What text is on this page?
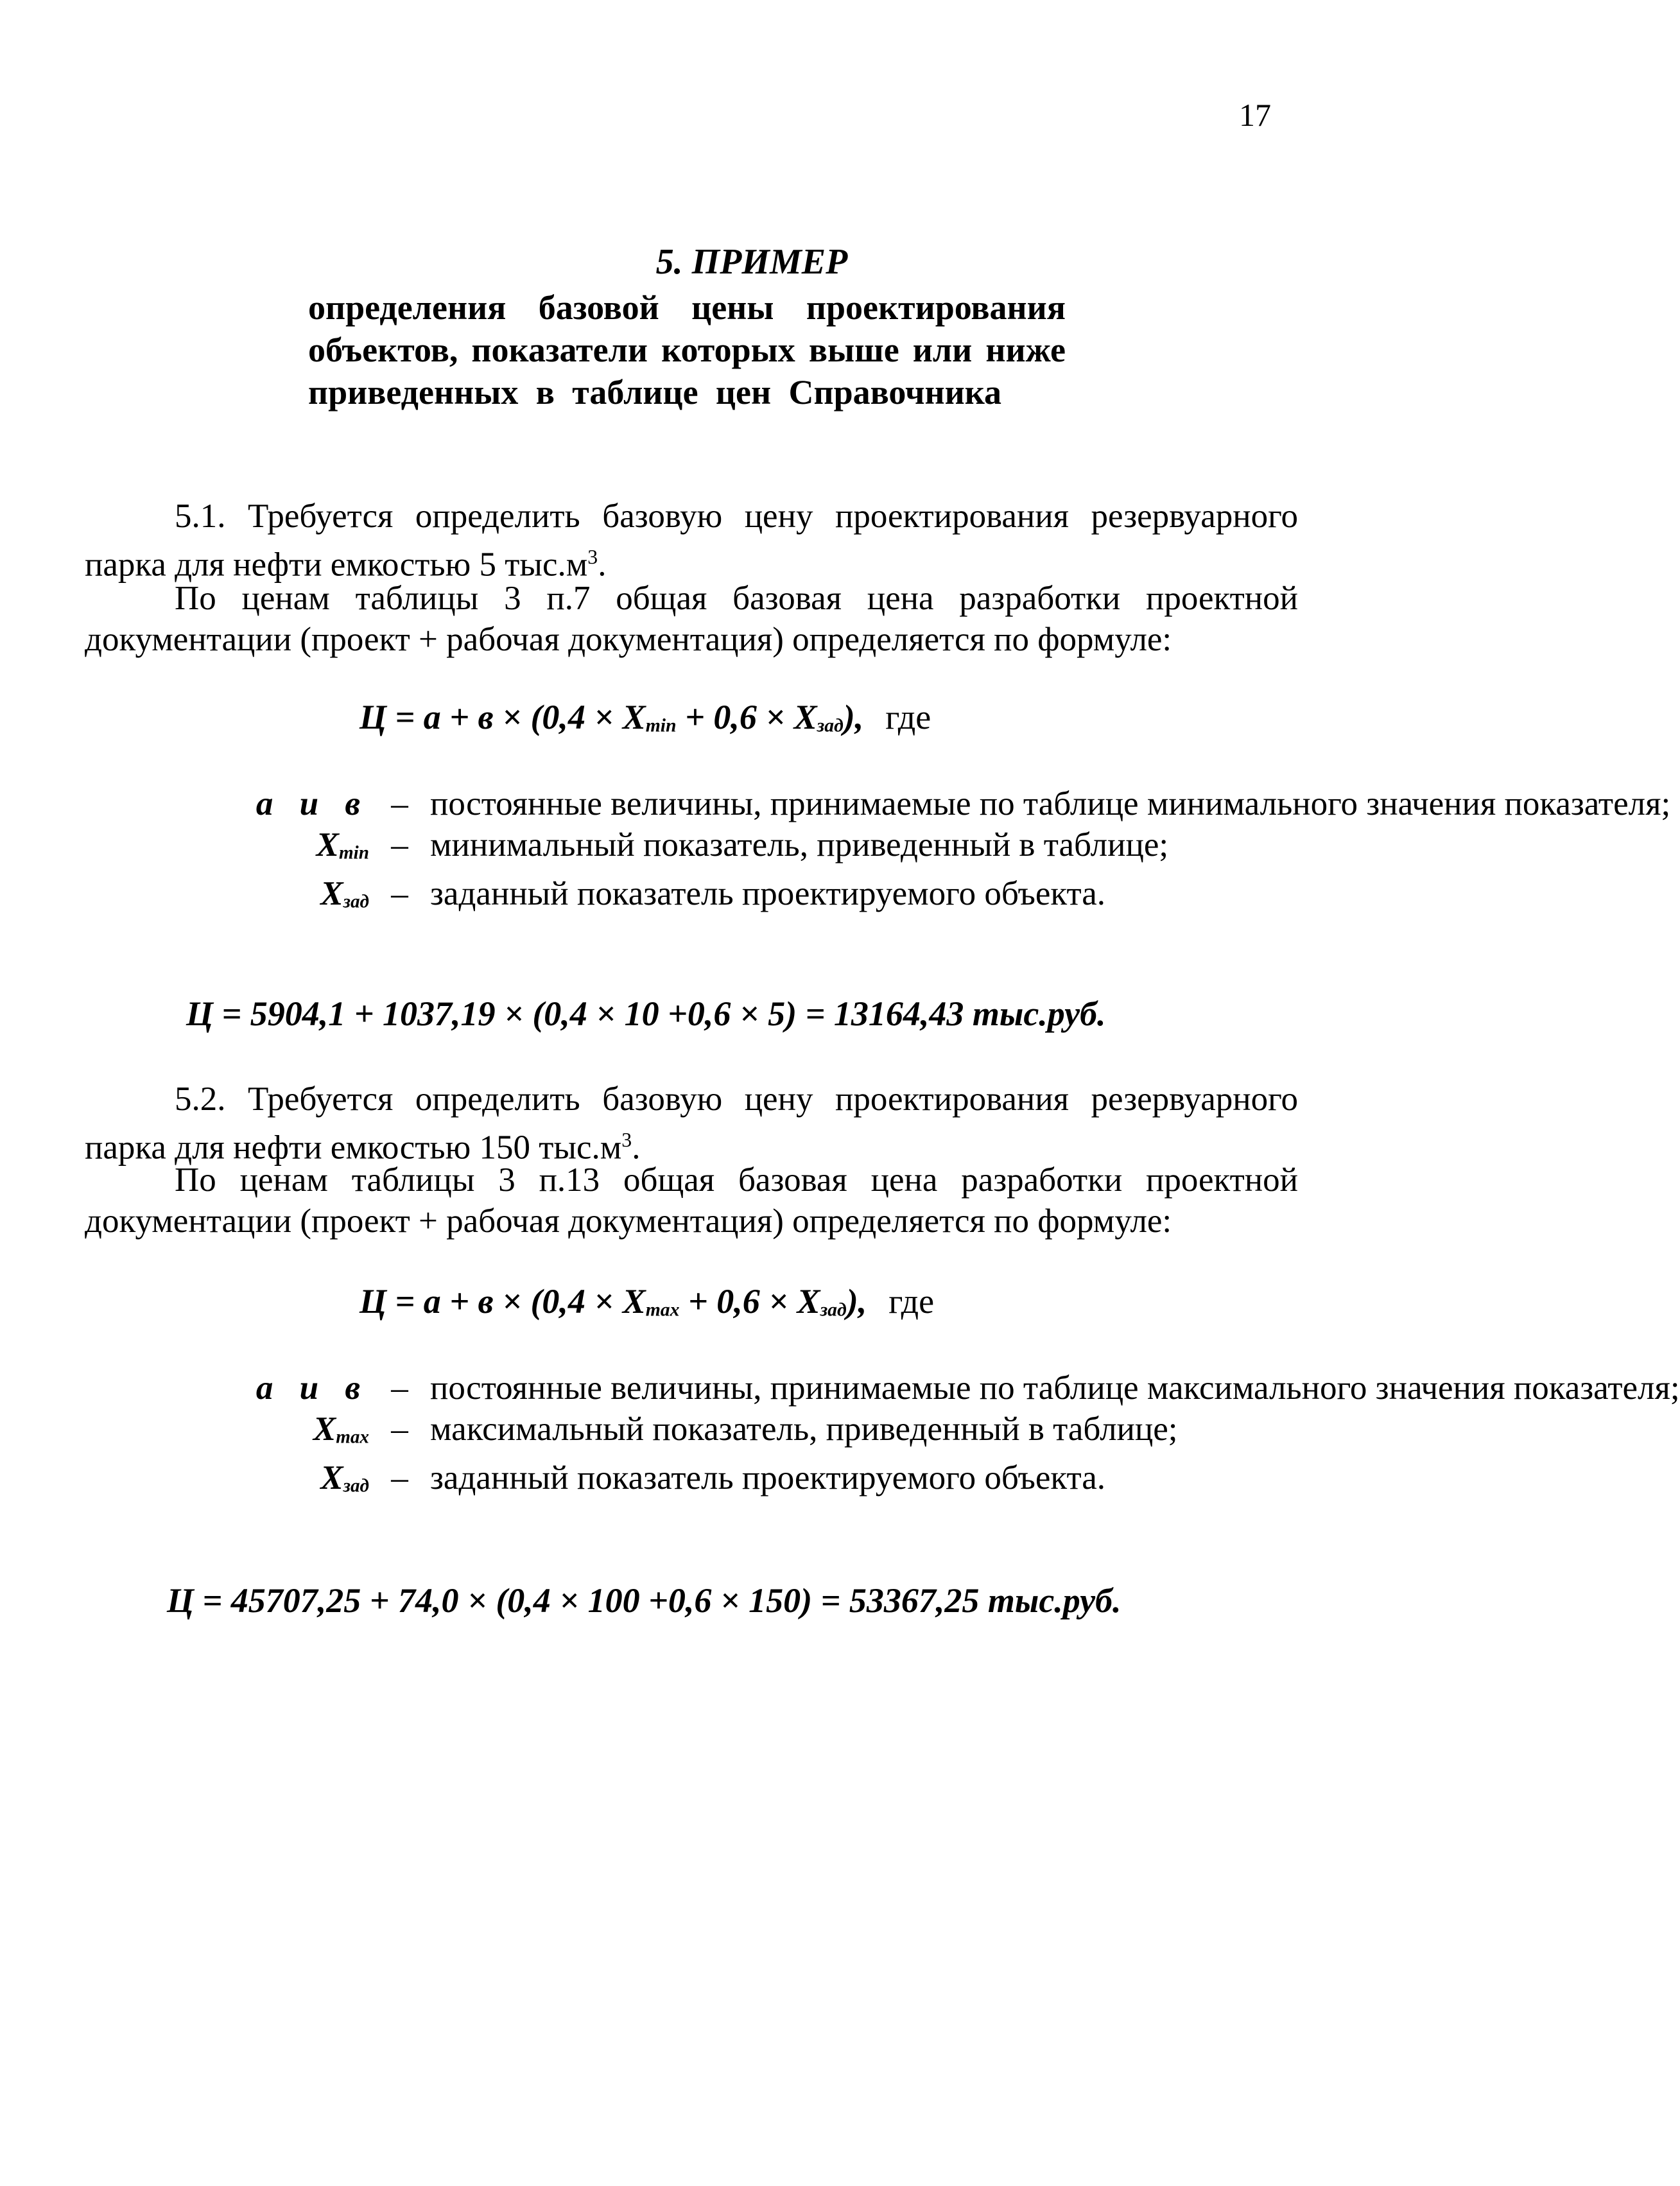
17
5. ПРИМЕР
определения базовой цены проектирования
объектов, показатели которых выше или ниже
приведенных в таблице цен Справочника
5.1. Требуется определить базовую цену проектирования резервуарного парка для нефти емкостью 5 $тыс.м^3$.
По ценам таблицы 3 п.7 общая базовая цена разработки проектной документации (проект + рабочая документация) определяется по формуле:
$Ц = а + в \times (0,4 \times X_{min} + 0,6 \times X_{зад})$, где
а и в – постоянные величины, принимаемые по таблице минимального значения показателя;
$X_{min}$ – минимальный показатель, приведенный в таблице;
$X_{зад}$ – заданный показатель проектируемого объекта.
Ц = 5904,1 + 1037,19 × (0,4 × 10 +0,6 × 5) = 13164,43 тыс.руб.
5.2. Требуется определить базовую цену проектирования резервуарного парка для нефти емкостью 150 $тыс.м^3$.
По ценам таблицы 3 п.13 общая базовая цена разработки проектной документации (проект + рабочая документация) определяется по формуле:
$Ц = а + в \times (0,4 \times X_{max} + 0,6 \times X_{зад})$, где
а и в – постоянные величины, принимаемые по таблице максимального значения показателя;
$X_{max}$ – максимальный показатель, приведенный в таблице;
$X_{зад}$ – заданный показатель проектируемого объекта.
Ц = 45707,25 + 74,0 × (0,4 × 100 +0,6 × 150) = 53367,25 тыс.руб.
